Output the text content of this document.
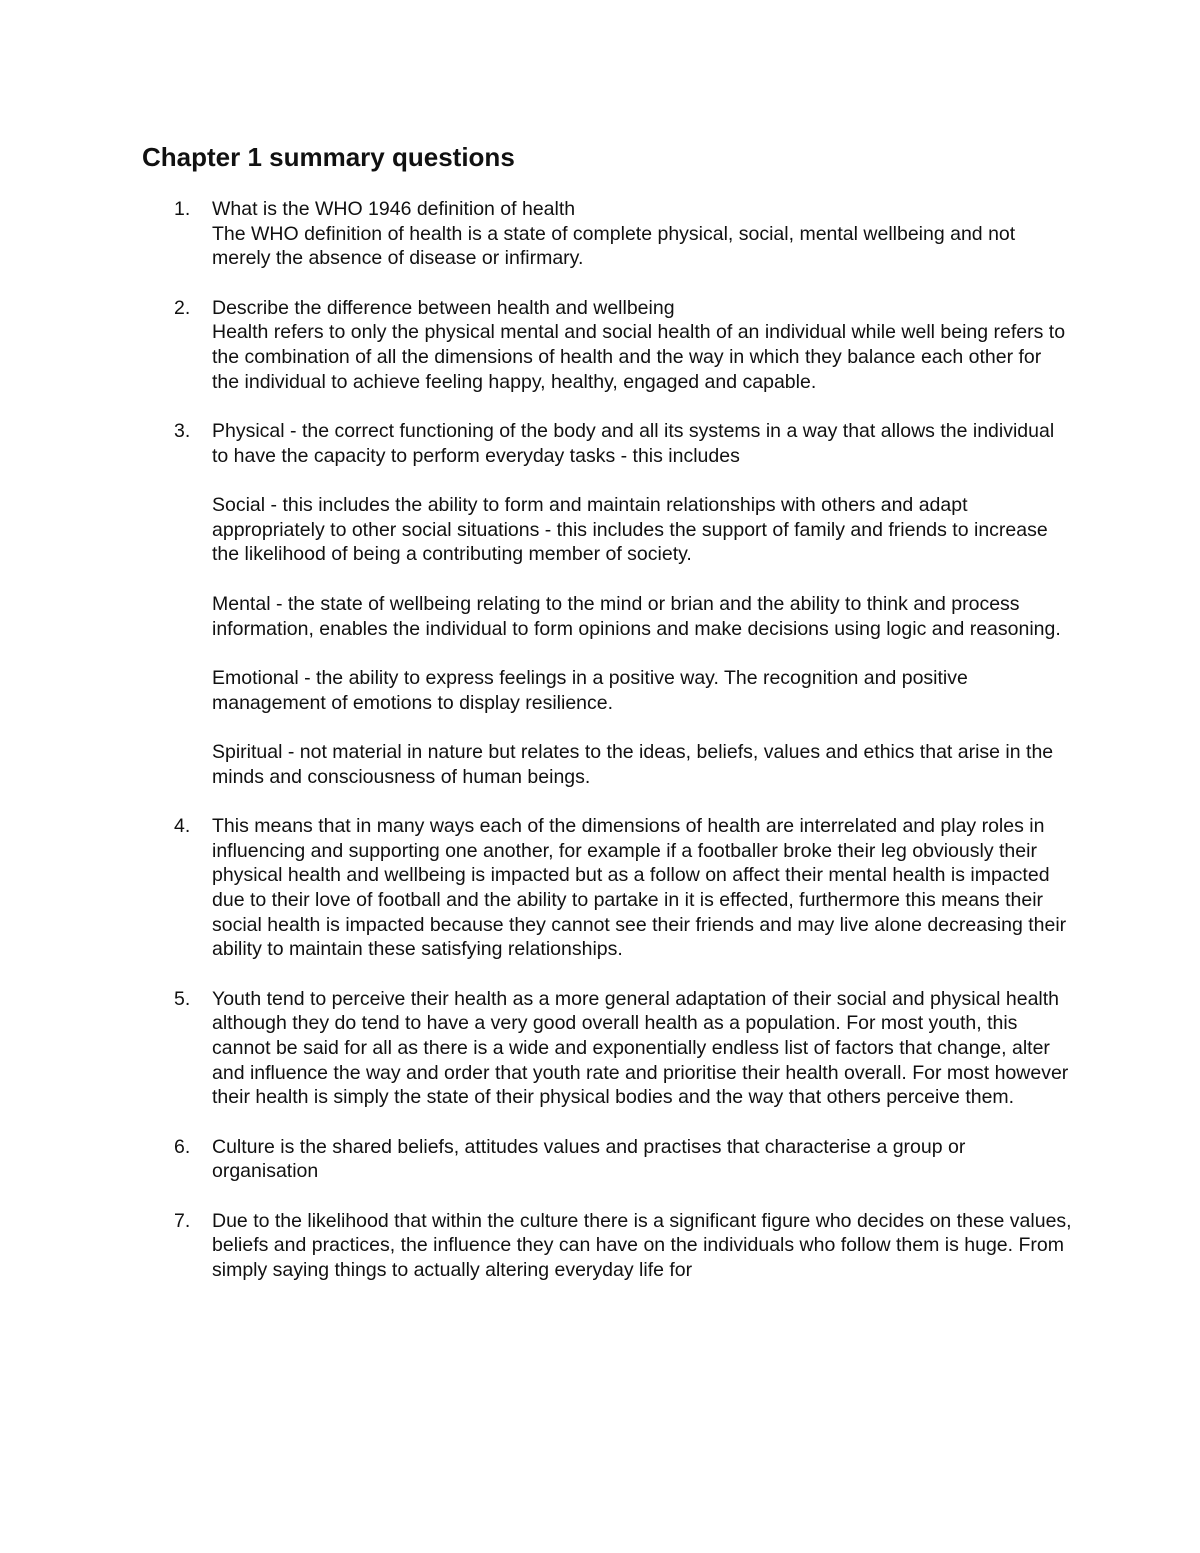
Chapter 1 summary questions
1. What is the WHO 1946 definition of health
The WHO definition of health is a state of complete physical, social, mental wellbeing and not merely the absence of disease or infirmary.

2. Describe the difference between health and wellbeing
Health refers to only the physical mental and social health of an individual while well being refers to the combination of all the dimensions of health and the way in which they balance each other for the individual to achieve feeling happy, healthy, engaged and capable.

3. Physical - the correct functioning of the body and all its systems in a way that allows the individual to have the capacity to perform everyday tasks - this includes

Social - this includes the ability to form and maintain relationships with others and adapt appropriately to other social situations - this includes the support of family and friends to increase the likelihood of being a contributing member of society.

Mental - the state of wellbeing relating to the mind or brian and the ability to think and process information, enables the individual to form opinions and make decisions using logic and reasoning.

Emotional - the ability to express feelings in a positive way. The recognition and positive management of emotions to display resilience.

Spiritual - not material in nature but relates to the ideas, beliefs, values and ethics that arise in the minds and consciousness of human beings.

4. This means that in many ways each of the dimensions of health are interrelated and play roles in influencing and supporting one another, for example if a footballer broke their leg obviously their physical health and wellbeing is impacted but as a follow on affect their mental health is impacted due to their love of football and the ability to partake in it is effected, furthermore this means their social health is impacted because they cannot see their friends and may live alone decreasing their ability to maintain these satisfying relationships.

5. Youth tend to perceive their health as a more general adaptation of their social and physical health although they do tend to have a very good overall health as a population. For most youth, this cannot be said for all as there is a wide and exponentially endless list of factors that change, alter and influence the way and order that youth rate and prioritise their health overall. For most however their health is simply the state of their physical bodies and the way that others perceive them.

6. Culture is the shared beliefs, attitudes values and practises that characterise a group or organisation

7. Due to the likelihood that within the culture there is a significant figure who decides on these values, beliefs and practices, the influence they can have on the individuals who follow them is huge. From simply saying things to actually altering everyday life for
